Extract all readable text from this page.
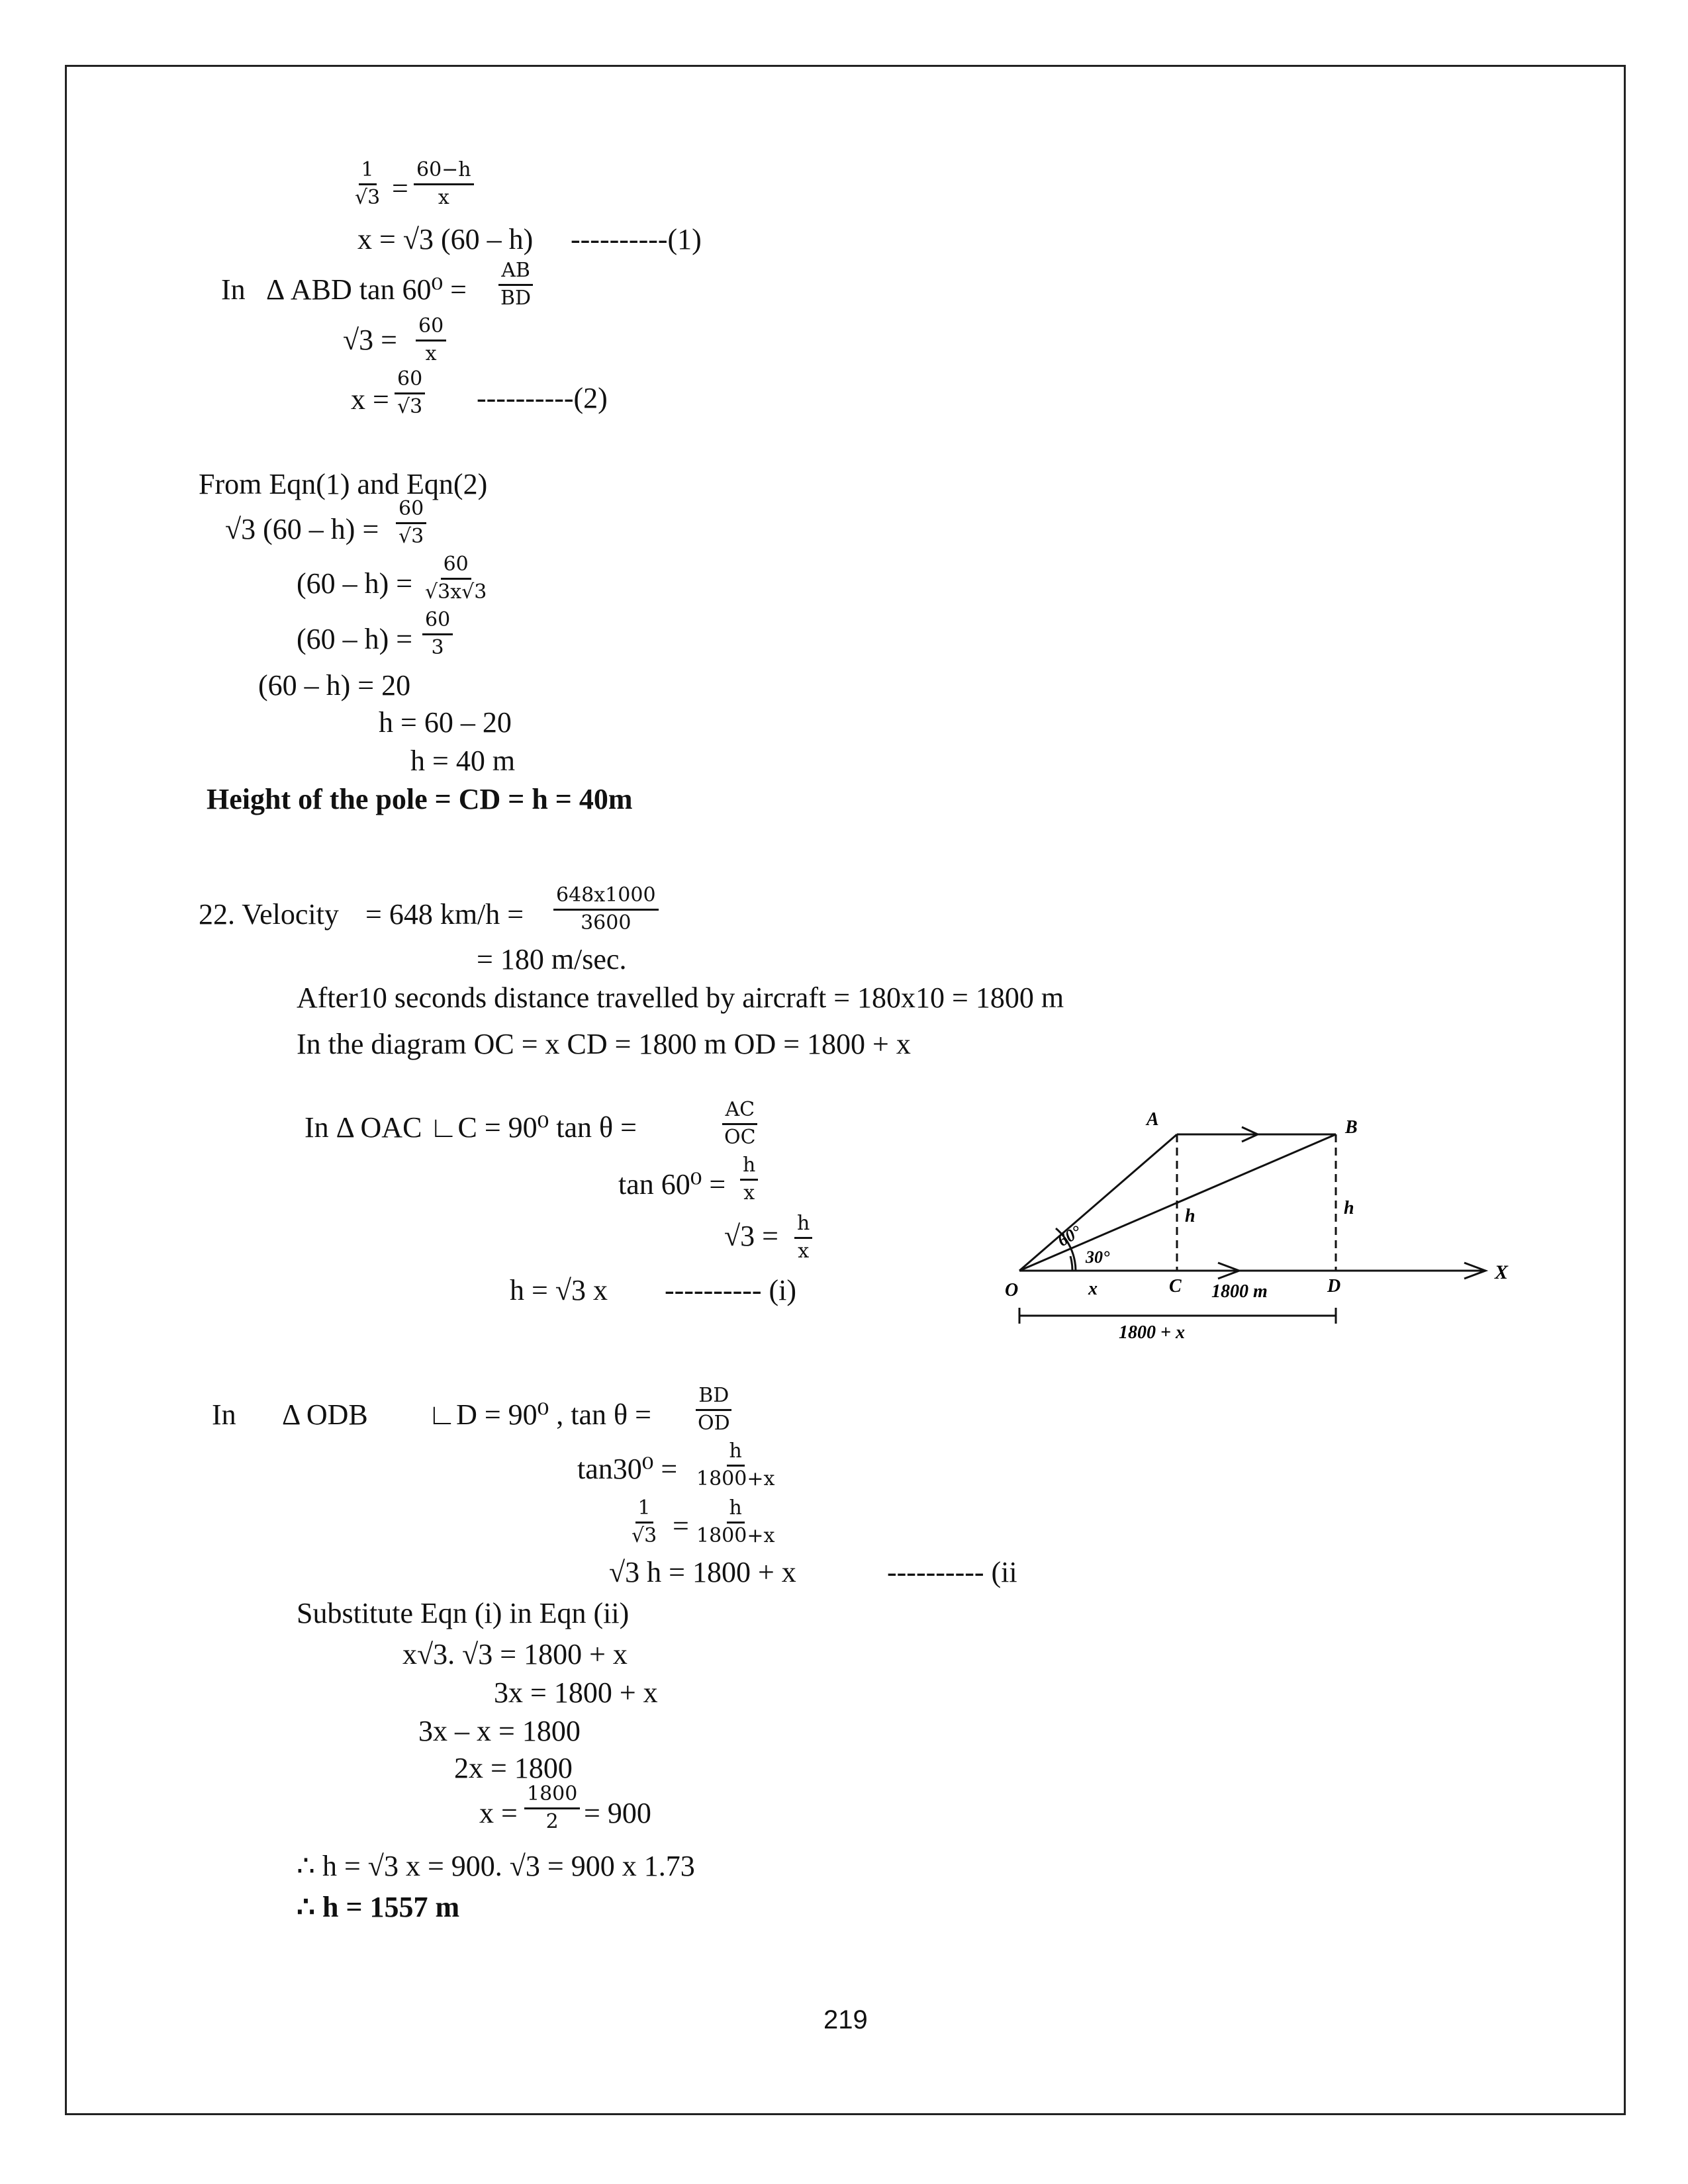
$\frac{1}{√3} = \frac{60-h}{x}$
x = √3 (60 – h) ----------(1)
In Δ ABD $\tan 60^0 = \frac{AB}{BD}$
$√3 = \frac{60}{x}$
$x = \frac{60}{√3} ----------(2)$
From Eqn(1) and Eqn(2)
√3 $(60 - h) = \frac{60}{√3}$
$(60 - h) = \frac{60}{√3x√3}$
$(60 - h) = \frac{60}{3}$
(60 – h) = 20
h = 60 – 20
h = 40 m
Height of the pole = CD = h = 40m
22. Velocity = 648 $km/h = \frac{648x1000}{3600}$
= 180 m/sec.
After10 seconds distance travelled by aircraft = 180x10 = 1800 m
In the diagram OC = x CD = 1800 m OD = 1800 + x
In Δ OAC ∟C = 90⁰ tan θ =	$\frac{AC}{OC}$
$\tan 60^0 = \frac{h}{x}$
$√3 = \frac{h}{x}$
h = √3 x ---------- (i)
A	B
O	C	D
X
h	h
x
60°
30°
1800 m
1800 + x
In Δ ODB ∟D = 90⁰ , $\tan \theta = \frac{BD}{OD}$
$\tan 30^0 = \frac{h}{1800+x}$
$\frac{1}{√3} = \frac{h}{1800+x}$
√3 h = 1800 + x	---------- (ii
Substitute Eqn (i) in Eqn (ii)
x√3. √3 = 1800 + x
3x = 1800 + x
3x – x = 1800
2x = 1800
$x = \frac{1800}{2} = 900$
∴ h = √3 x = 900. √3 = 900 x 1.73
∴ h = 1557 m
219
